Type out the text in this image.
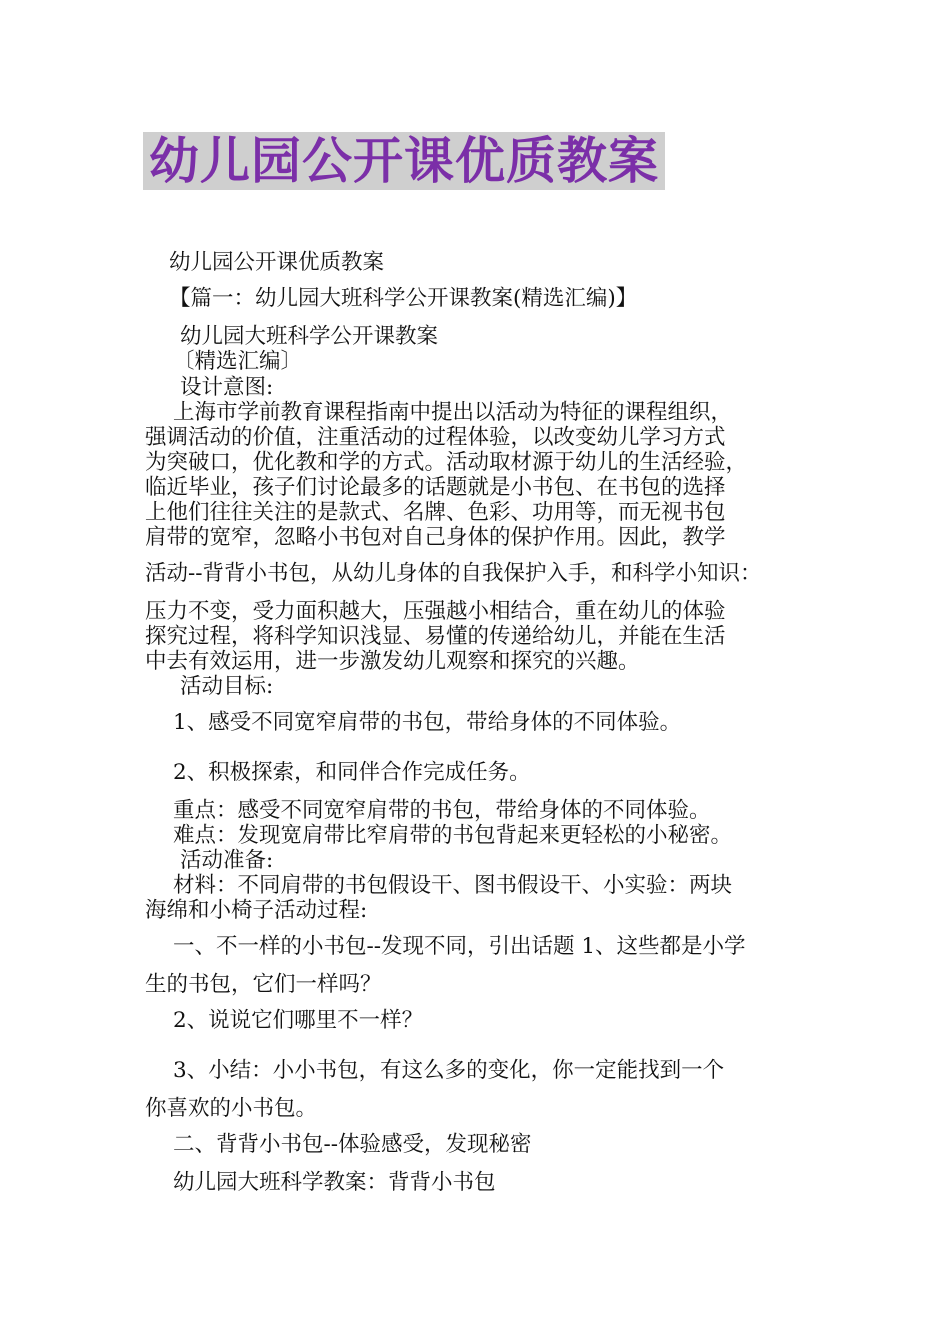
幼儿园公开课优质教案
幼儿园公开课优质教案
【篇一：幼儿园大班科学公开课教案(精选汇编)】
幼儿园大班科学公开课教案
〔精选汇编〕
设计意图:
上海市学前教育课程指南中提出以活动为特征的课程组织，
强调活动的价值，注重活动的过程体验，以改变幼儿学习方式
为突破口，优化教和学的方式。活动取材源于幼儿的生活经验，
临近毕业，孩子们讨论最多的话题就是小书包、在书包的选择
上他们往往关注的是款式、名牌、色彩、功用等，而无视书包
肩带的宽窄，忽略小书包对自己身体的保护作用。因此，教学
活动--背背小书包，从幼儿身体的自我保护入手，和科学小知识：
压力不变，受力面积越大，压强越小相结合，重在幼儿的体验
探究过程，将科学知识浅显、易懂的传递给幼儿，并能在生活
中去有效运用，进一步激发幼儿观察和探究的兴趣。
活动目标:
1、感受不同宽窄肩带的书包，带给身体的不同体验。
2、积极探索，和同伴合作完成任务。
重点：感受不同宽窄肩带的书包，带给身体的不同体验。
难点：发现宽肩带比窄肩带的书包背起来更轻松的小秘密。
活动准备:
材料：不同肩带的书包假设干、图书假设干、小实验：两块
海绵和小椅子活动过程:
一、不一样的小书包--发现不同，引出话题 1、这些都是小学
生的书包，它们一样吗？
2、说说它们哪里不一样？
3、小结：小小书包，有这么多的变化，你一定能找到一个
你喜欢的小书包。
二、背背小书包--体验感受，发现秘密
幼儿园大班科学教案：背背小书包
